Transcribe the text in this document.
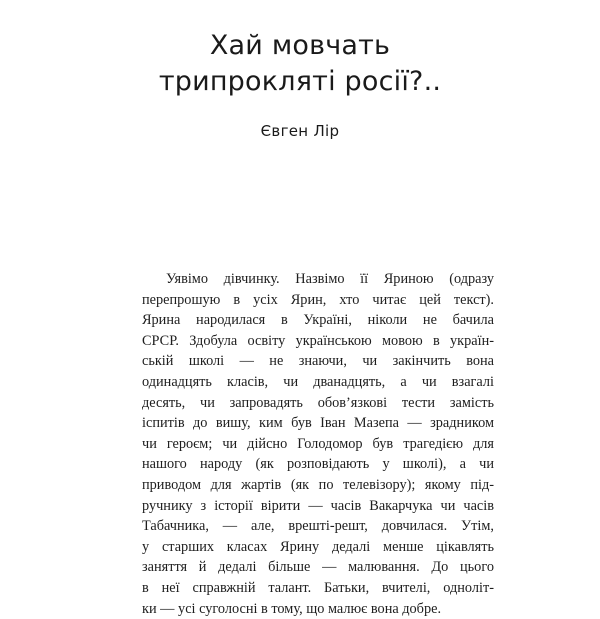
Хай мовчать
трипроклятi росiї?..
Євген Лiр
Уявімо дівчинку. Назвімо її Яриною (одразу
перепрошую в усіх Ярин, хто читає цей текст).
Ярина народилася в Україні, ніколи не бачила
СРСР. Здобула освіту українською мовою в україн-
ській школі — не знаючи, чи закінчить вона
одинадцять класів, чи дванадцять, а чи взагалі
десять, чи запровадять обов’язкові тести замість
іспитів до вишу, ким був Іван Мазепа — зрадником
чи героєм; чи дійсно Голодомор був трагедією для
нашого народу (як розповідають у школі), а чи
приводом для жартів (як по телевізору); якому під-
ручнику з історії вірити — часів Вакарчука чи часів
Табачника, — але, врешті-решт, довчилася. Утім,
у старших класах Ярину дедалі менше цікавлять
заняття й дедалі більше — малювання. До цього
в неї справжній талант. Батьки, вчителі, одноліт-
ки — усі суголосні в тому, що малює вона добре.
